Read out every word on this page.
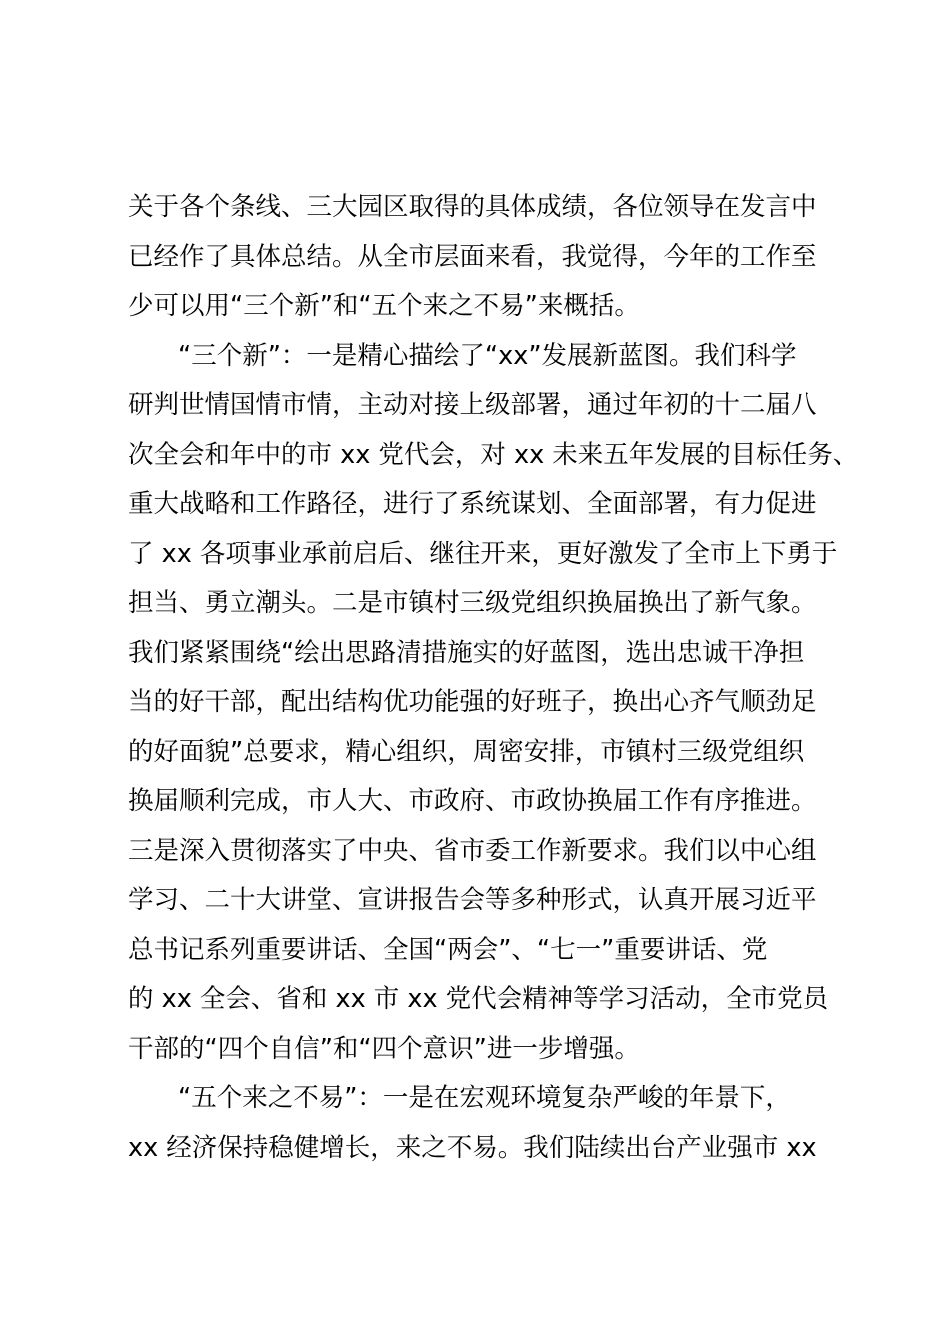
关于各个条线、三大园区取得的具体成绩，各位领导在发言中
已经作了具体总结。从全市层面来看，我觉得，今年的工作至
少可以用“三个新”和“五个来之不易”来概括。
“三个新”：一是精心描绘了“xx”发展新蓝图。我们科学
研判世情国情市情，主动对接上级部署，通过年初的十二届八
次全会和年中的市 xx 党代会，对 xx 未来五年发展的目标任务、
重大战略和工作路径，进行了系统谋划、全面部署，有力促进
了 xx 各项事业承前启后、继往开来，更好激发了全市上下勇于
担当、勇立潮头。二是市镇村三级党组织换届换出了新气象。
我们紧紧围绕“绘出思路清措施实的好蓝图，选出忠诚干净担
当的好干部，配出结构优功能强的好班子，换出心齐气顺劲足
的好面貌”总要求，精心组织，周密安排，市镇村三级党组织
换届顺利完成，市人大、市政府、市政协换届工作有序推进。
三是深入贯彻落实了中央、省市委工作新要求。我们以中心组
学习、二十大讲堂、宣讲报告会等多种形式，认真开展习近平
总书记系列重要讲话、全国“两会”、“七一”重要讲话、党
的 xx 全会、省和 xx 市 xx 党代会精神等学习活动，全市党员
干部的“四个自信”和“四个意识”进一步增强。
“五个来之不易”：一是在宏观环境复杂严峻的年景下，
xx 经济保持稳健增长，来之不易。我们陆续出台产业强市 xx
